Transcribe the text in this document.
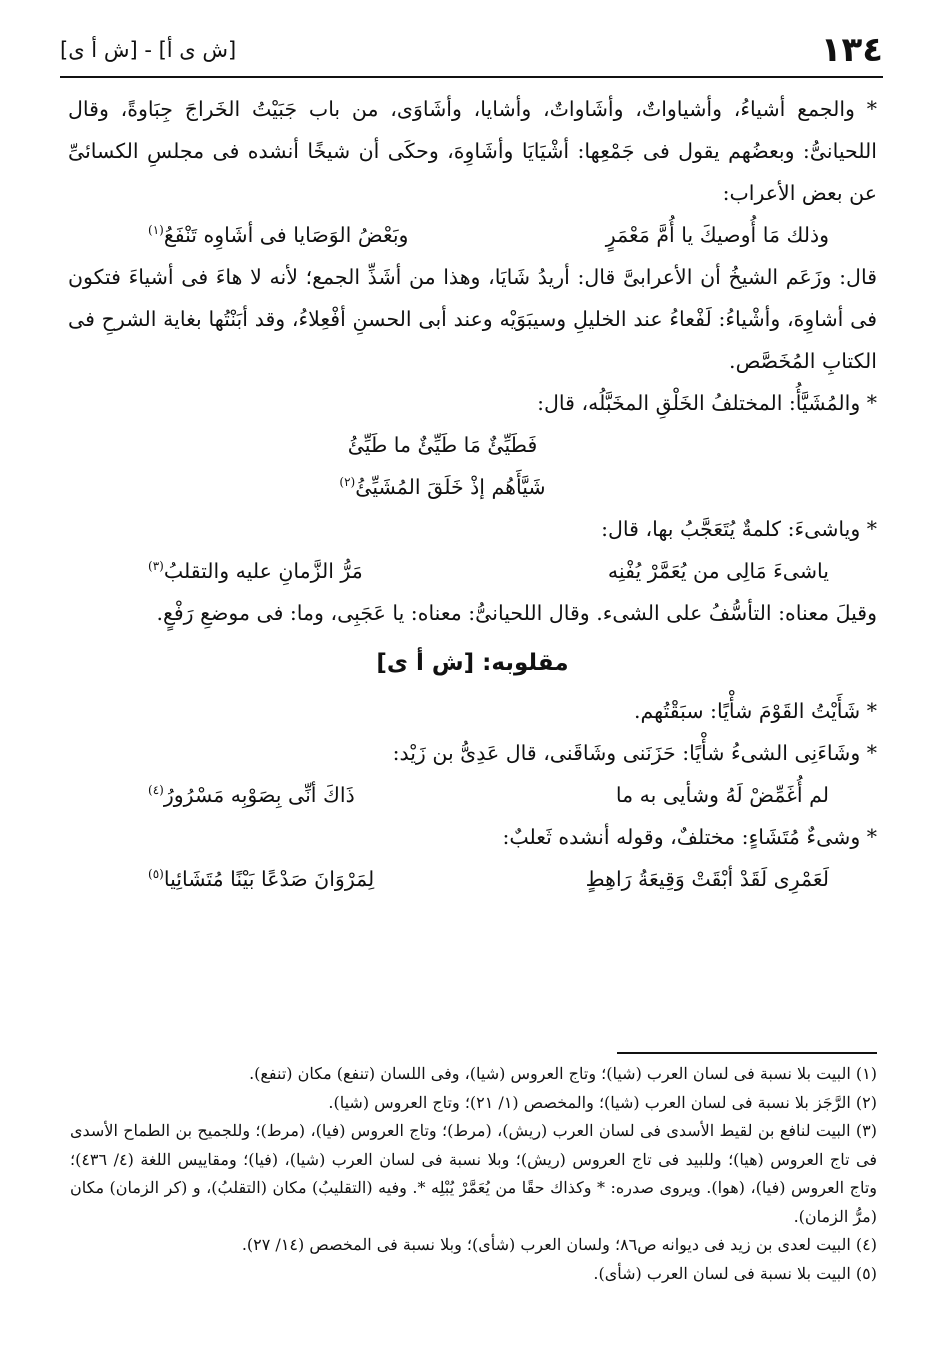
١٣٤
[ش ى أ] - [ش أ ى]

* والجمع أشياءُ، وأشياواتٌ، وأشَاواتٌ، وأشايا، وأشَاوَى، من باب جَبَيْتُ الخَراجَ جِبَاوةً، وقال اللحيانىُّ: وبعضُهم يقول فى جَمْعِها: أشْيَايَا وأشَاوِهَ، وحكَى أن شيخًا أنشده فى مجلسِ الكسائىِّ عن بعض الأعراب:

وذلك مَا أُوصيكَ يا أُمَّ مَعْمَرٍ
وبَعْضُ الوَصَايا فى أشَاوِه تَنْفَعُ$^{(١)}$

قال: وزَعَم الشيخُ أن الأعرابىَّ قال: أريدُ شَايَا، وهذا من أشَذِّ الجمع؛ لأنه لا هاءَ فى أشياءَ فتكون فى أشاوِهَ، وأشْياءُ: لَفْعاءُ عند الخليلِ وسيبَوَيْه وعند أبى الحسنِ أفْعِلاءُ، وقد أبَنْتُها بغاية الشرحِ فى الكتابِ المُخَصَّص.

* والمُشَيَّأُ: المختلفُ الخَلْقِ المخَبَّلُه، قال:

فَطَيِّئٌ مَا طَيِّئٌ ما طَيِّئُ

شَيَّأَهُم إذْ خَلَقَ المُشَيِّئُ$^{(٢)}$

* وياشىءَ: كلمةٌ يُتَعَجَّبُ بها، قال:

ياشىءَ مَالِى من يُعَمَّرْ يُفْنِه
مَرُّ الزَّمانِ عليه والتقلبُ$^{(٣)}$

وقيلَ معناه: التأسُّفُ على الشىء. وقال اللحيانىُّ: معناه: يا عَجَبِى، وما: فى موضعِ رَفْعٍ.

مقلوبه: [ش أ ى]

* شَأَيْتُ القَوْمَ شأْيًا: سبَقْتُهم.

* وشَاءَنِى الشىءُ شأْيًا: حَزَنَنى وشَاقَنى، قال عَدِىُّ بن زَيْد:

لم أُغَمِّضْ لَهُ وشأيى به ما
ذَاكَ أنِّى بِصَوْبِه مَسْرُورُ$^{(٤)}$

* وشىءٌ مُتَشَاءٍ: مختلفٌ، وقوله أنشده ثَعلبٌ:

لَعَمْرِى لَقَدْ أبْقَتْ وَقِيعَةُ رَاهِطٍ
لِمَرْوَانَ صَدْعًا بَيْنًا مُتَشَائِيا$^{(٥)}$

(١) البيت بلا نسبة فى لسان العرب (شيا)؛ وتاج العروس (شيا)، وفى اللسان (تنفع) مكان (تنفع).

(٢) الرَّجَز بلا نسبة فى لسان العرب (شيا)؛ والمخصص (١/ ٢١)؛ وتاج العروس (شيا).

(٣) البيت لنافع بن لقيط الأسدى فى لسان العرب (ريش)، (مرط)؛ وتاج العروس (فيا)، (مرط)؛ وللجميح بن الطماح الأسدى فى تاج العروس (هيا)؛ وللبيد فى تاج العروس (ريش)؛ وبلا نسبة فى لسان العرب (شيا)، (فيا)؛ ومقاييس اللغة (٤/ ٤٣٦)؛ وتاج العروس (فيا)، (هوا). ويروى صدره: * وكذاك حقًا من يُعَمَّرْ يُبْلِه *. وفيه (التقليبُ) مكان (التقلبُ)، و (كر الزمان) مكان (مرُّ الزمان).

(٤) البيت لعدى بن زيد فى ديوانه ص٨٦؛ ولسان العرب (شأى)؛ وبلا نسبة فى المخصص (١٤/ ٢٧).

(٥) البيت بلا نسبة فى لسان العرب (شأى).
